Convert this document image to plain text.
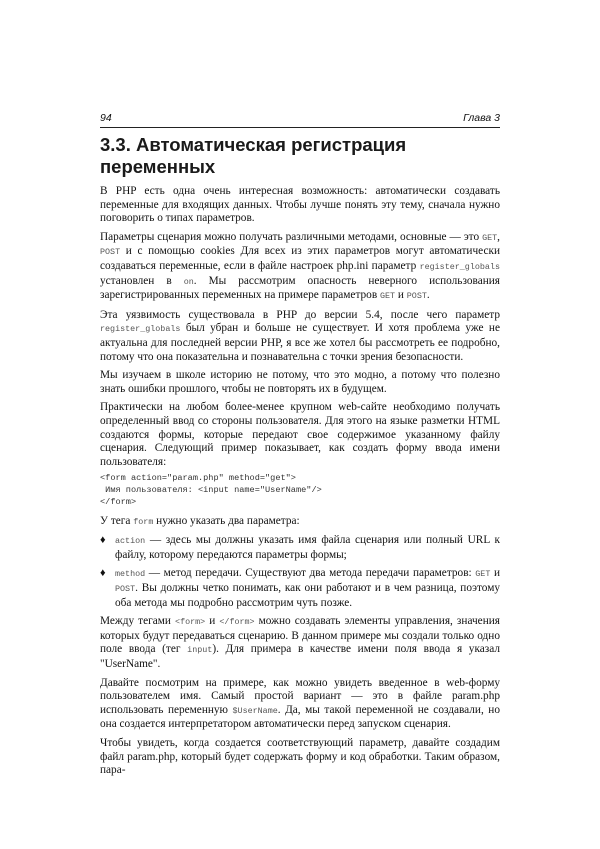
94	Глава 3
3.3. Автоматическая регистрация переменных

В PHP есть одна очень интересная возможность: автоматически создавать переменные для входящих данных. Чтобы лучше понять эту тему, сначала нужно поговорить о типах параметров.

Параметры сценария можно получать различными методами, основные — это GET, POST и с помощью cookies Для всех из этих параметров могут автоматически создаваться переменные, если в файле настроек php.ini параметр register_globals установлен в on. Мы рассмотрим опасность неверного использования зарегистрированных переменных на примере параметров GET и POST.

Эта уязвимость существовала в PHP до версии 5.4, после чего параметр register_globals был убран и больше не существует. И хотя проблема уже не актуальна для последней версии PHP, я все же хотел бы рассмотреть ее подробно, потому что она показательна и познавательна с точки зрения безопасности.

Мы изучаем в школе историю не потому, что это модно, а потому что полезно знать ошибки прошлого, чтобы не повторять их в будущем.

Практически на любом более-менее крупном web-сайте необходимо получать определенный ввод со стороны пользователя. Для этого на языке разметки HTML создаются формы, которые передают свое содержимое указанному файлу сценария. Следующий пример показывает, как создать форму ввода имени пользователя:

<form action="param.php" method="get">
Имя пользователя: <input name="UserName"/>
</form>

У тега form нужно указать два параметра:

♦ action — здесь мы должны указать имя файла сценария или полный URL к файлу, которому передаются параметры формы;
♦ method — метод передачи. Существуют два метода передачи параметров: GET и POST. Вы должны четко понимать, как они работают и в чем разница, поэтому оба метода мы подробно рассмотрим чуть позже.

Между тегами <form> и </form> можно создавать элементы управления, значения которых будут передаваться сценарию. В данном примере мы создали только одно поле ввода (тег input). Для примера в качестве имени поля ввода я указал "UserName".

Давайте посмотрим на примере, как можно увидеть введенное в web-форму пользователем имя. Самый простой вариант — это в файле param.php использовать переменную $UserName. Да, мы такой переменной не создавали, но она создается интерпретатором автоматически перед запуском сценария.

Чтобы увидеть, когда создается соответствующий параметр, давайте создадим файл param.php, который будет содержать форму и код обработки. Таким образом, пара-
